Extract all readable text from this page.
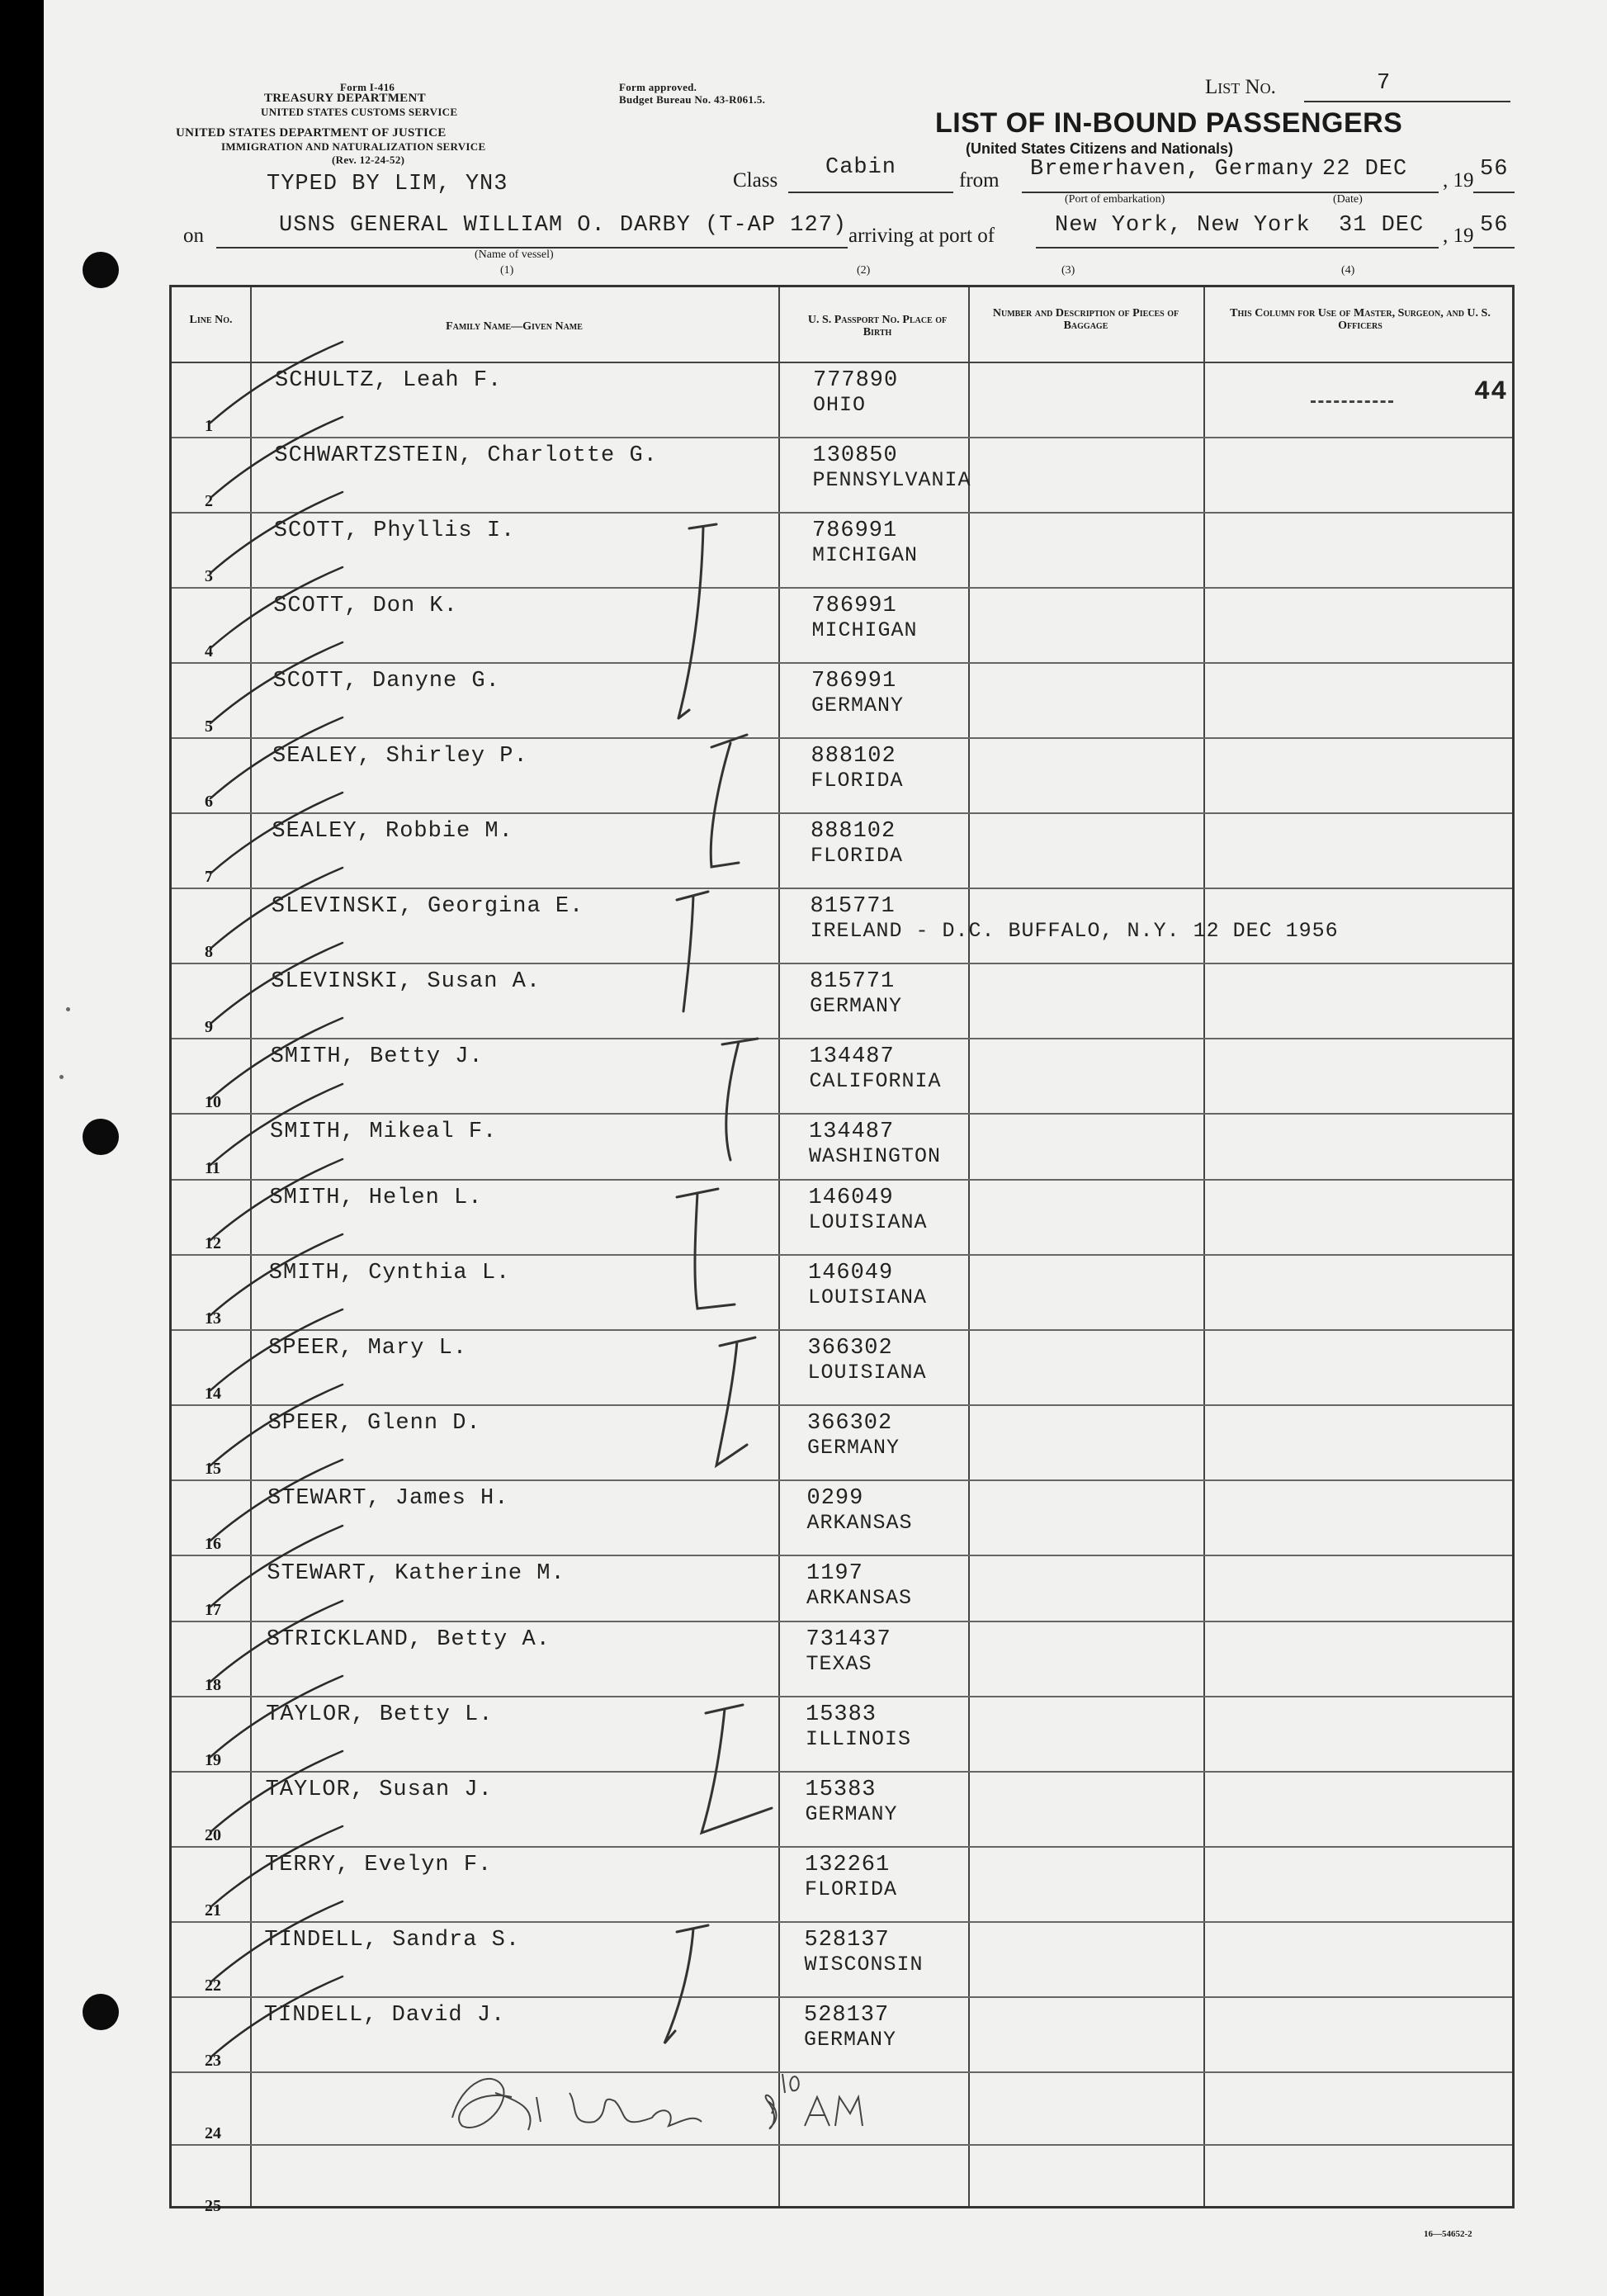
Form I-416
TREASURY DEPARTMENT
UNITED STATES CUSTOMS SERVICE
UNITED STATES DEPARTMENT OF JUSTICE
IMMIGRATION AND NATURALIZATION SERVICE
(Rev. 12-24-52)
Form approved.
Budget Bureau No. 43-R061.5.
List No.	7
LIST OF IN-BOUND PASSENGERS
(United States Citizens and Nationals)
TYPED BY LIM, YN3	Class
Cabin
from Bremerhaven, Germany 22 DEC , 19 56
(Port of embarkation)	(Date)
on	USNS GENERAL WILLIAM O. DARBY (T-AP 127) arriving at port of	New York, New York 31 DEC , 19 56
(Name of vessel)
(1)	(2)	(3)	(4)
Line No.
Family Name—Given Name
U. S. Passport No. Place of Birth
Number and Description of Pieces of Baggage
This Column for Use of Master, Surgeon, and U. S. Officers
1
SCHULTZ, Leah F.	777890
OHIO
2
SCHWARTZSTEIN, Charlotte G.	130850
PENNSYLVANIA
3
SCOTT, Phyllis I.	786991
MICHIGAN
4
SCOTT, Don K.	786991
MICHIGAN
5
SCOTT, Danyne G.	786991
GERMANY
6
SEALEY, Shirley P.	888102
FLORIDA
7
SEALEY, Robbie M.	888102
FLORIDA
8
SLEVINSKI, Georgina E.	815771
IRELAND - D.C. BUFFALO, N.Y. 12 DEC 1956
9
SLEVINSKI, Susan A.	815771
GERMANY
10
SMITH, Betty J.	134487
CALIFORNIA
11
SMITH, Mikeal F.	134487
WASHINGTON
12
SMITH, Helen L.	146049
LOUISIANA
13
SMITH, Cynthia L.	146049
LOUISIANA
14
SPEER, Mary L.	366302
LOUISIANA
15
SPEER, Glenn D.	366302
GERMANY
16
STEWART, James H.	0299
ARKANSAS
17
STEWART, Katherine M.	1197
ARKANSAS
18
STRICKLAND, Betty A.	731437
TEXAS
19
TAYLOR, Betty L.	15383
ILLINOIS
20
TAYLOR, Susan J.	15383
GERMANY
21
TERRY, Evelyn F.	132261
FLORIDA
22
TINDELL, Sandra S.	528137
WISCONSIN
23
TINDELL, David J.	528137
GERMANY
24
25
44
16—54652-2
